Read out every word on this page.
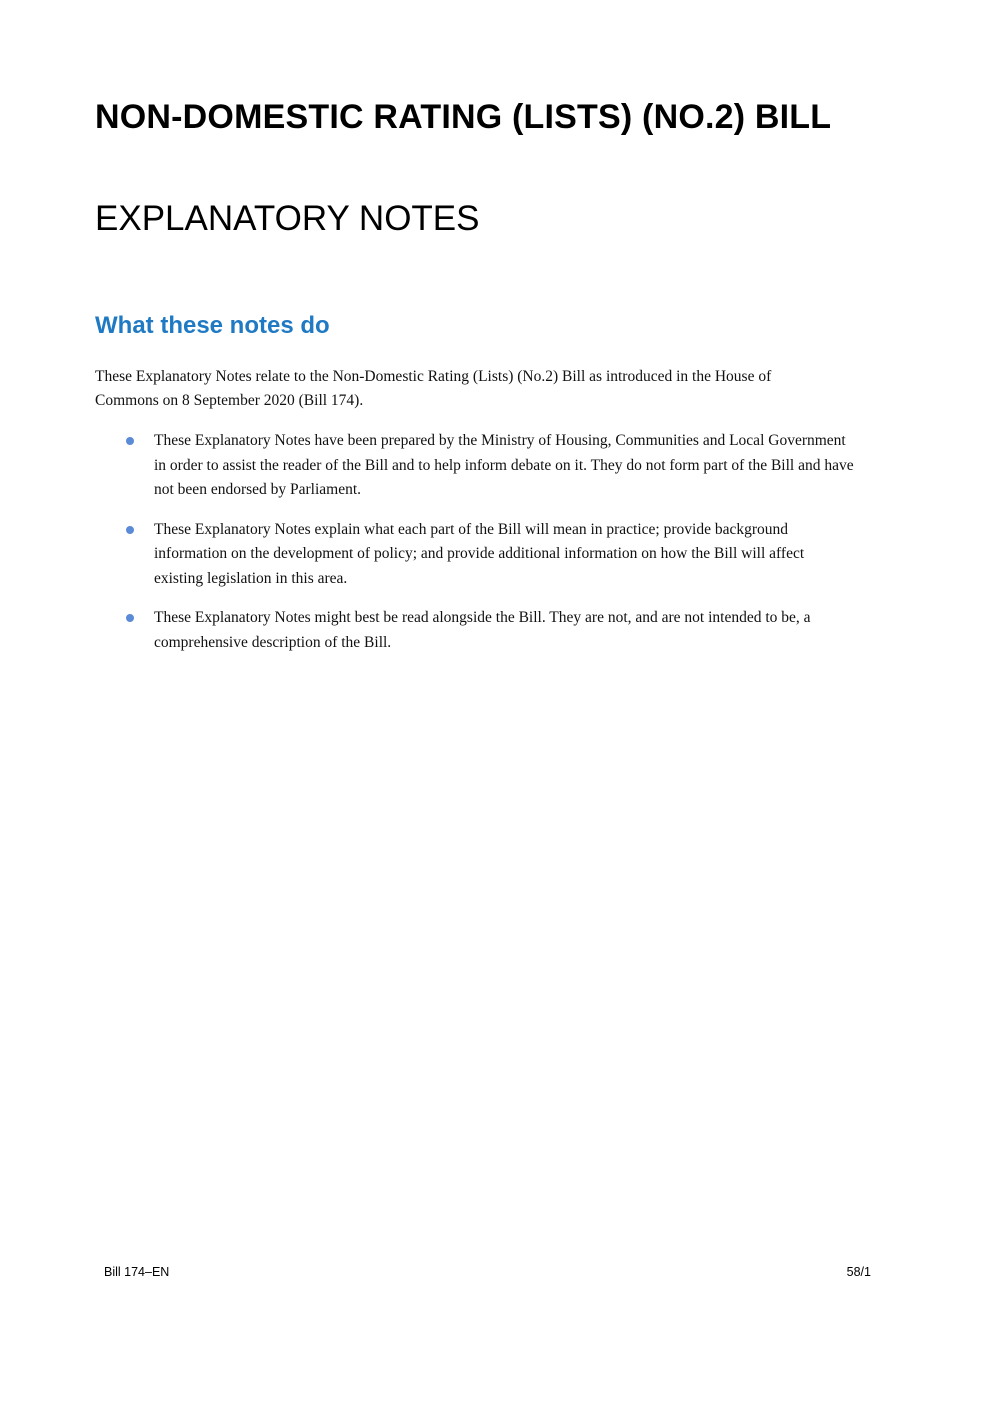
NON-DOMESTIC RATING (LISTS) (NO.2) BILL
EXPLANATORY NOTES
What these notes do

These Explanatory Notes relate to the Non-Domestic Rating (Lists) (No.2) Bill as introduced in the House of Commons on 8 September 2020 (Bill 174).

These Explanatory Notes have been prepared by the Ministry of Housing, Communities and Local Government in order to assist the reader of the Bill and to help inform debate on it. They do not form part of the Bill and have not been endorsed by Parliament.
These Explanatory Notes explain what each part of the Bill will mean in practice; provide background information on the development of policy; and provide additional information on how the Bill will affect existing legislation in this area.
These Explanatory Notes might best be read alongside the Bill. They are not, and are not intended to be, a comprehensive description of the Bill.
Bill 174–EN	58/1
